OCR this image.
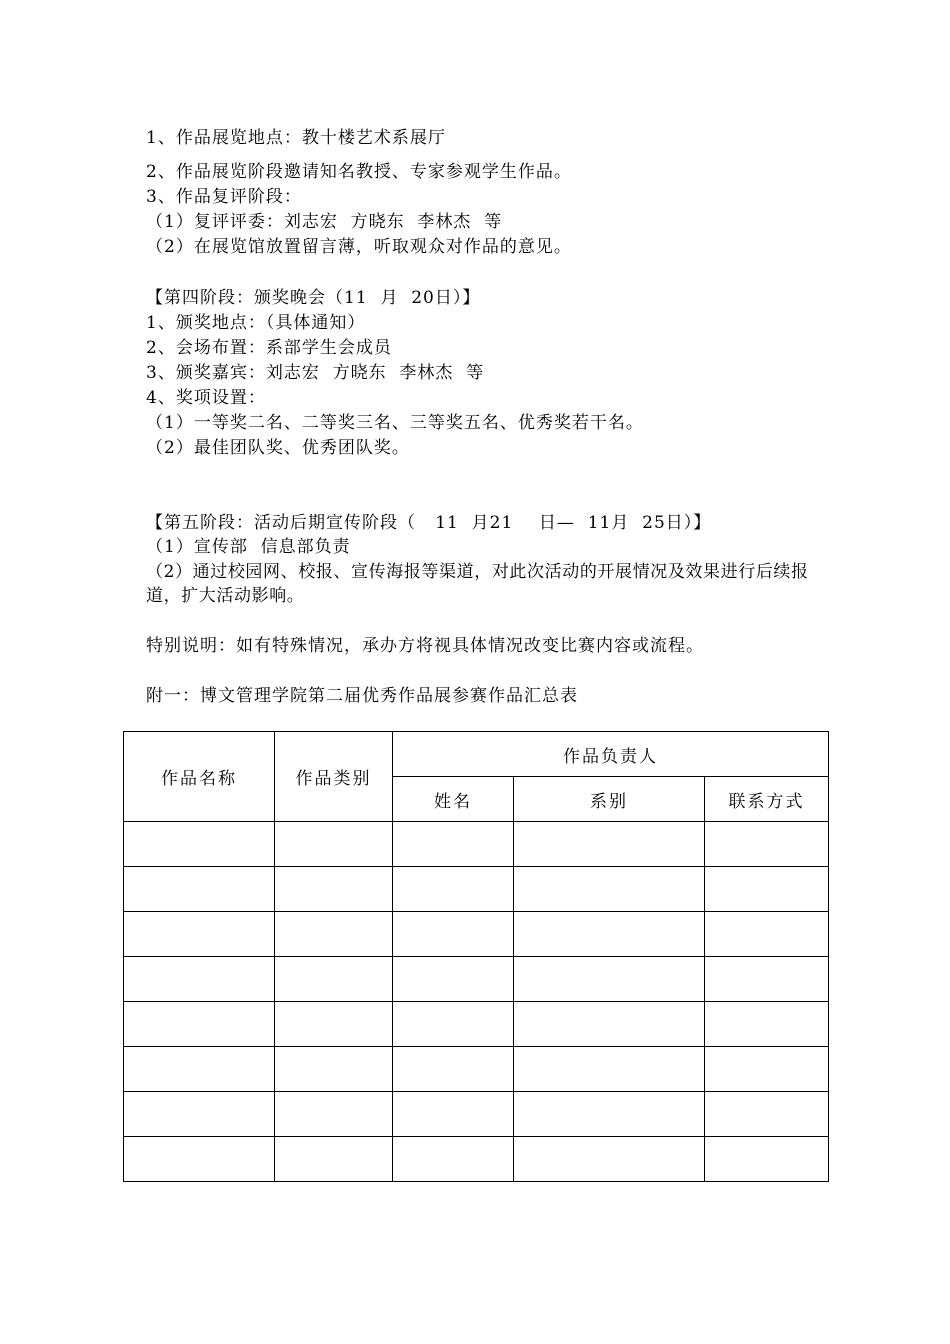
1、作品展览地点：教十楼艺术系展厅
2、作品展览阶段邀请知名教授、专家参观学生作品。
3、作品复评阶段：
（1）复评评委：刘志宏  方晓东  李林杰  等
（2）在展览馆放置留言薄，听取观众对作品的意见。
【第四阶段：颁奖晚会（11  月  20日）】
1、颁奖地点：（具体通知）
2、会场布置：系部学生会成员
3、颁奖嘉宾：刘志宏  方晓东  李林杰  等
4、奖项设置：
（1）一等奖二名、二等奖三名、三等奖五名、优秀奖若干名。
（2）最佳团队奖、优秀团队奖。
【第五阶段：活动后期宣传阶段（   11  月21    日—  11月  25日）】
（1）宣传部  信息部负责
（2）通过校园网、校报、宣传海报等渠道，对此次活动的开展情况及效果进行后续报道，扩大活动影响。
特别说明：如有特殊情况，承办方将视具体情况改变比赛内容或流程。
附一：博文管理学院第二届优秀作品展参赛作品汇总表
作品名称	作品类别	作品负责人		
		姓名	系别	联系方式
